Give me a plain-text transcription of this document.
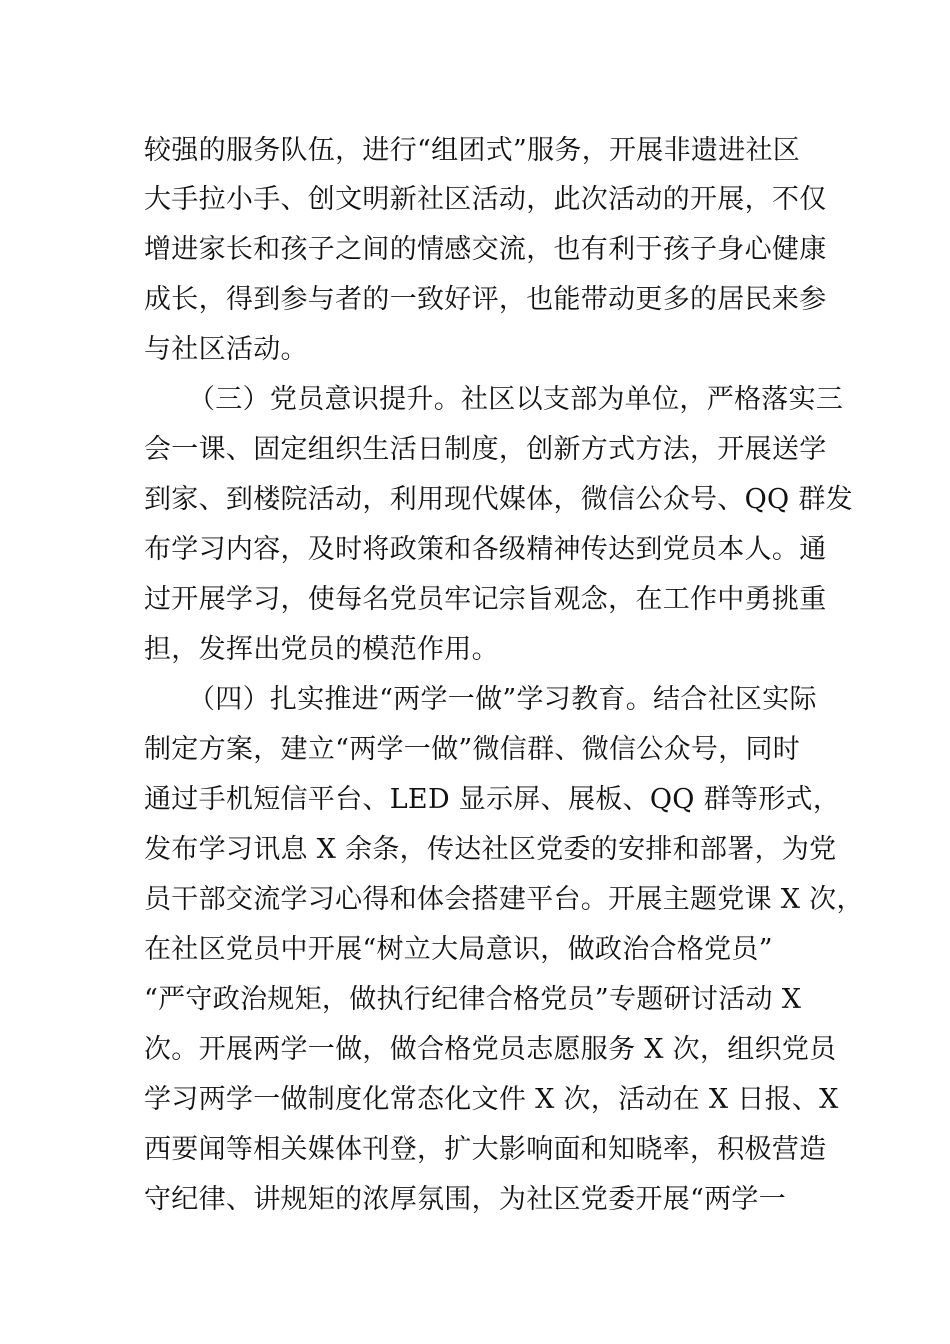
较强的服务队伍，进行“组团式”服务，开展非遗进社区
大手拉小手、创文明新社区活动，此次活动的开展，不仅
增进家长和孩子之间的情感交流，也有利于孩子身心健康
成长，得到参与者的一致好评，也能带动更多的居民来参
与社区活动。
（三）党员意识提升。社区以支部为单位，严格落实三
会一课、固定组织生活日制度，创新方式方法，开展送学
到家、到楼院活动，利用现代媒体，微信公众号、QQ 群发
布学习内容，及时将政策和各级精神传达到党员本人。通
过开展学习，使每名党员牢记宗旨观念，在工作中勇挑重
担，发挥出党员的模范作用。
（四）扎实推进“两学一做”学习教育。结合社区实际
制定方案，建立“两学一做”微信群、微信公众号，同时
通过手机短信平台、LED 显示屏、展板、QQ 群等形式，
发布学习讯息 X 余条，传达社区党委的安排和部署，为党
员干部交流学习心得和体会搭建平台。开展主题党课 X 次，
在社区党员中开展“树立大局意识，做政治合格党员”
“严守政治规矩，做执行纪律合格党员”专题研讨活动 X
次。开展两学一做，做合格党员志愿服务 X 次，组织党员
学习两学一做制度化常态化文件 X 次，活动在 X 日报、X
西要闻等相关媒体刊登，扩大影响面和知晓率，积极营造
守纪律、讲规矩的浓厚氛围，为社区党委开展“两学一
